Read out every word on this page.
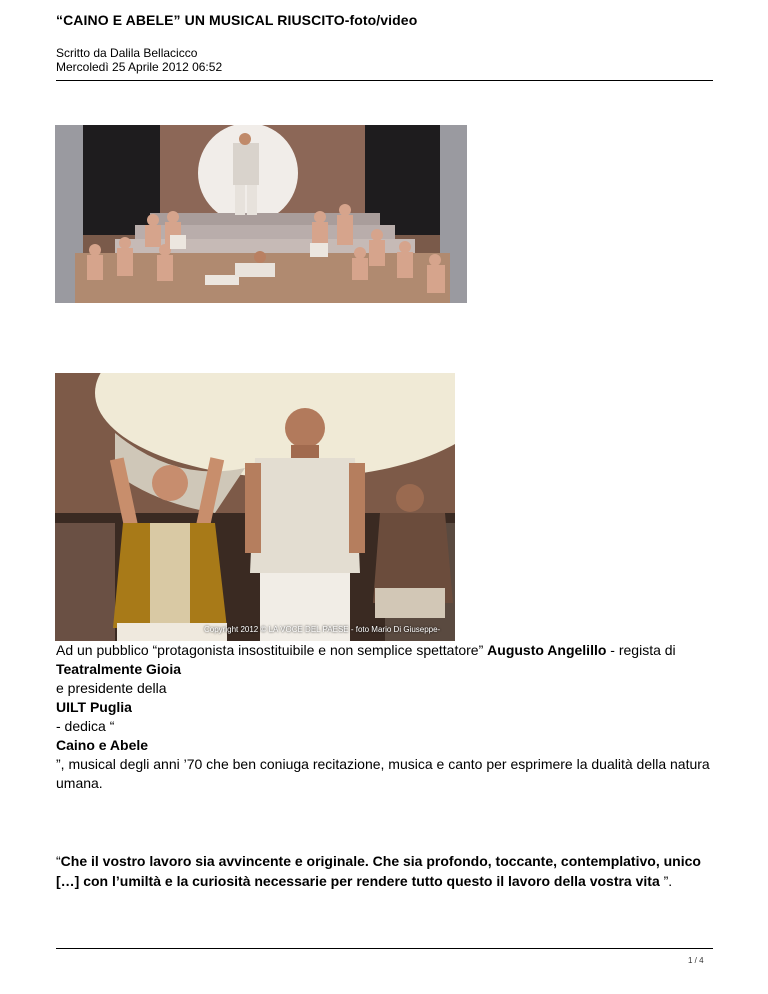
“CAINO E ABELE” UN MUSICAL RIUSCITO-foto/video
Scritto da Dalila Bellacicco
Mercoledì 25 Aprile 2012 06:52
Copyright 2012 © LA VOCE DEL PAESE - foto Mario Di Giuseppe-
Ad un pubblico “protagonista insostituibile e non semplice spettatore” Augusto Angelillo - regista di
Teatralmente Gioia
e presidente della
UILT Puglia
- dedica “
Caino e Abele
”, musical degli anni ’70 che ben coniuga recitazione, musica e canto per esprimere la dualità della natura umana.
“Che il vostro lavoro sia avvincente e originale. Che sia profondo, toccante, contemplativo, unico […] con l’umiltà e la curiosità necessarie per rendere tutto questo il lavoro della vostra vita ”.
1 / 4
